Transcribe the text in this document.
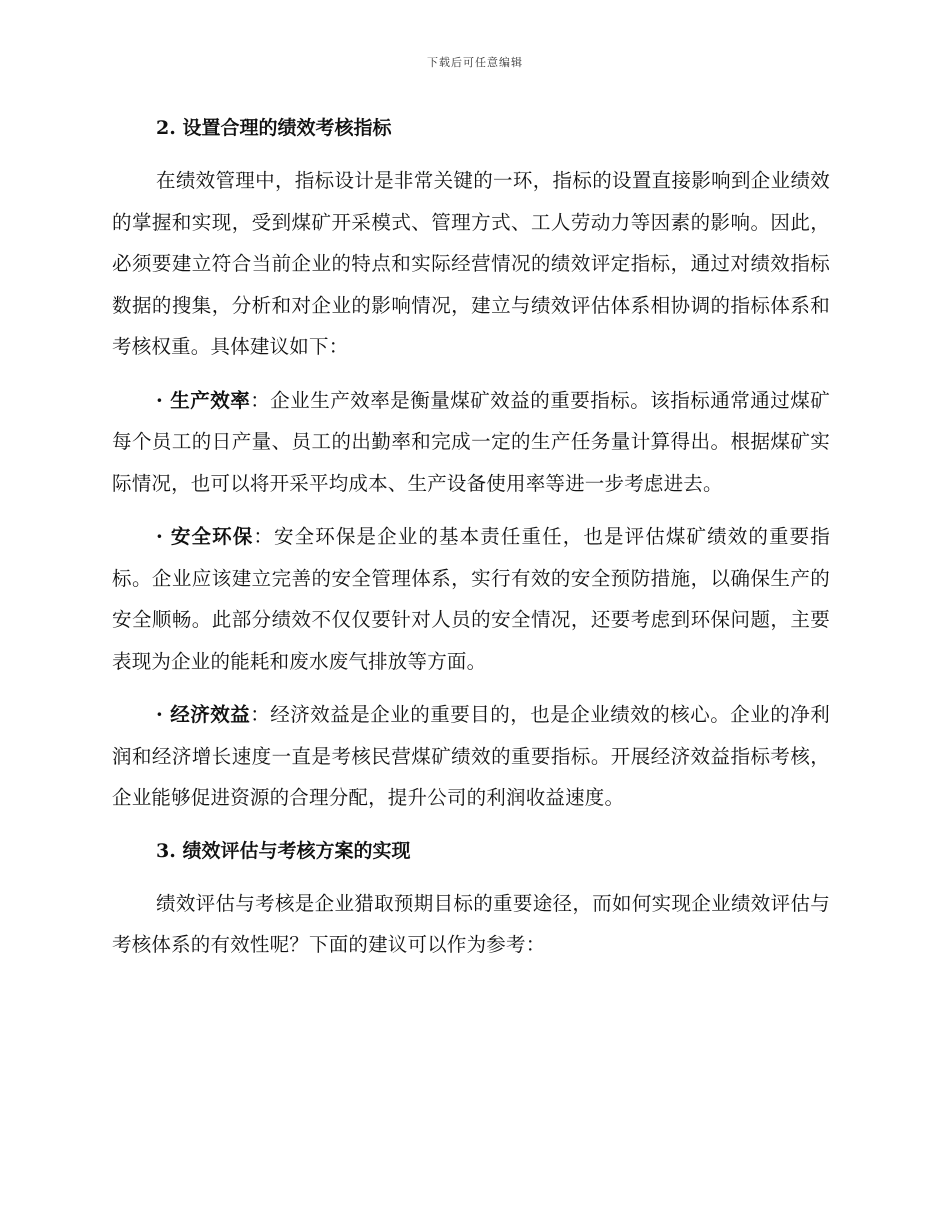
下载后可任意编辑
2. 设置合理的绩效考核指标

在绩效管理中，指标设计是非常关键的一环，指标的设置直接影响到企业绩效的掌握和实现，受到煤矿开采模式、管理方式、工人劳动力等因素的影响。因此，必须要建立符合当前企业的特点和实际经营情况的绩效评定指标，通过对绩效指标数据的搜集，分析和对企业的影响情况，建立与绩效评估体系相协调的指标体系和考核权重。具体建议如下：

· 生产效率：企业生产效率是衡量煤矿效益的重要指标。该指标通常通过煤矿每个员工的日产量、员工的出勤率和完成一定的生产任务量计算得出。根据煤矿实际情况，也可以将开采平均成本、生产设备使用率等进一步考虑进去。

· 安全环保：安全环保是企业的基本责任重任，也是评估煤矿绩效的重要指标。企业应该建立完善的安全管理体系，实行有效的安全预防措施，以确保生产的安全顺畅。此部分绩效不仅仅要针对人员的安全情况，还要考虑到环保问题，主要表现为企业的能耗和废水废气排放等方面。

· 经济效益：经济效益是企业的重要目的，也是企业绩效的核心。企业的净利润和经济增长速度一直是考核民营煤矿绩效的重要指标。开展经济效益指标考核，企业能够促进资源的合理分配，提升公司的利润收益速度。

3. 绩效评估与考核方案的实现

绩效评估与考核是企业猎取预期目标的重要途径，而如何实现企业绩效评估与考核体系的有效性呢？下面的建议可以作为参考：
